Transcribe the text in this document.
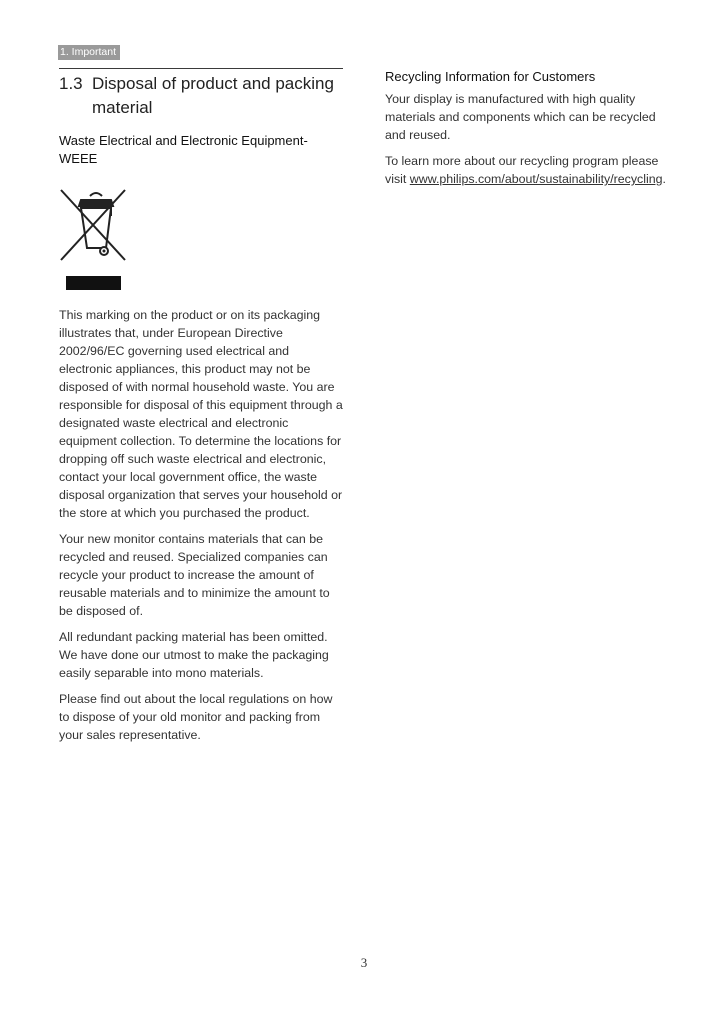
1. Important
1.3 Disposal of product and packing material
Waste Electrical and Electronic Equipment-WEEE

This marking on the product or on its packaging illustrates that, under European Directive 2002/96/EC governing used electrical and electronic appliances, this product may not be disposed of with normal household waste. You are responsible for disposal of this equipment through a designated waste electrical and electronic equipment collection. To determine the locations for dropping off such waste electrical and electronic, contact your local government office, the waste disposal organization that serves your household or the store at which you purchased the product.

Your new monitor contains materials that can be recycled and reused. Specialized companies can recycle your product to increase the amount of reusable materials and to minimize the amount to be disposed of.

All redundant packing material has been omitted. We have done our utmost to make the packaging easily separable into mono materials.

Please find out about the local regulations on how to dispose of your old monitor and packing from your sales representative.

Recycling Information for Customers

Your display is manufactured with high quality materials and components which can be recycled and reused.

To learn more about our recycling program please visit www.philips.com/about/sustainability/recycling.

3
